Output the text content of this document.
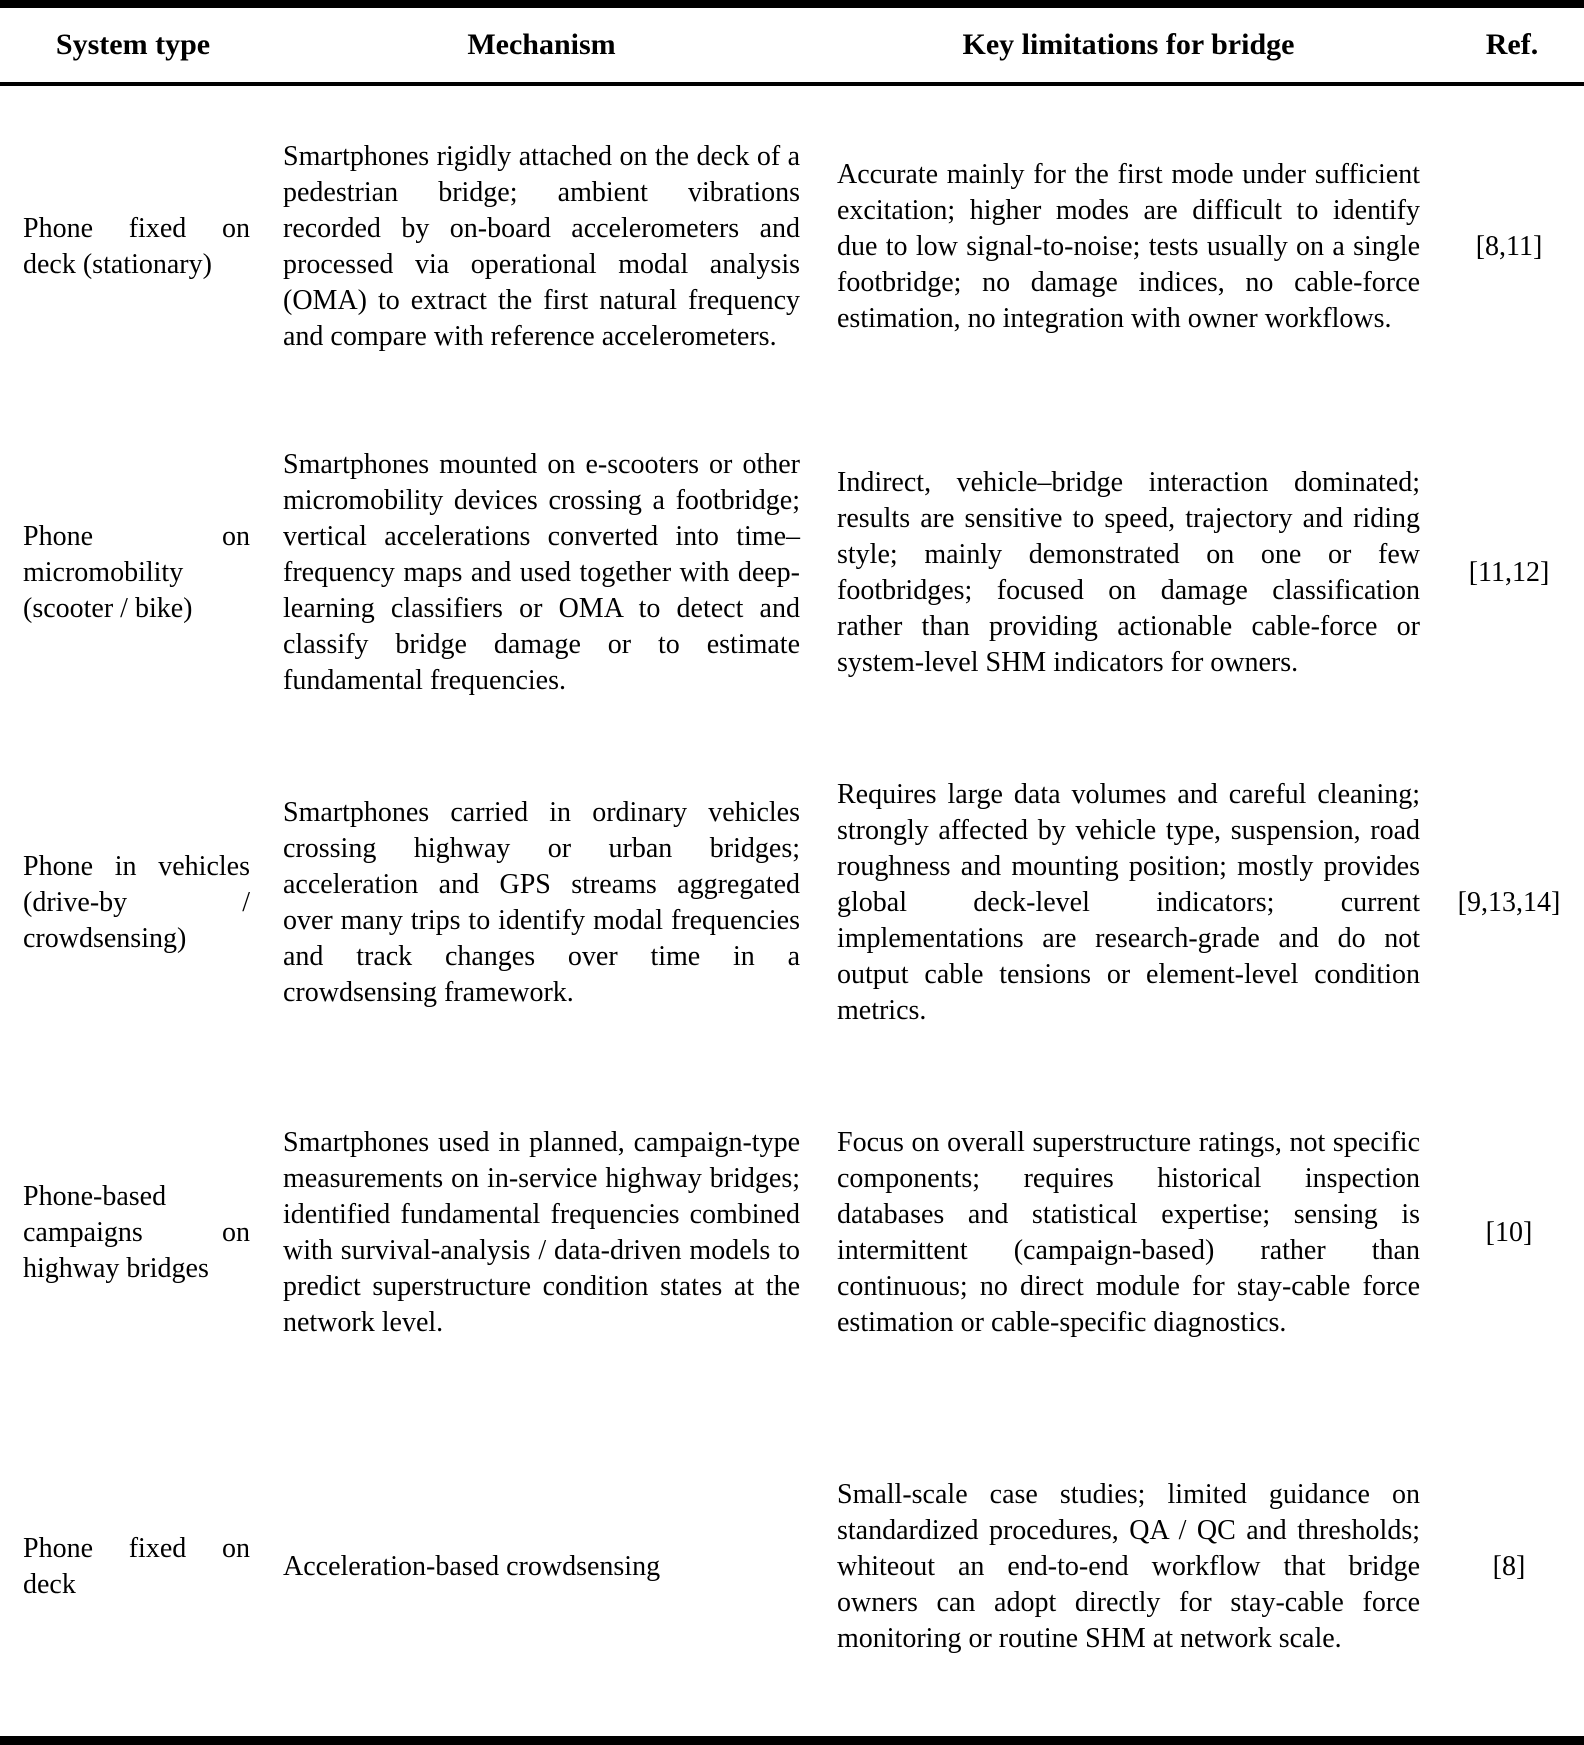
System type	Mechanism	Key limitations for bridge	Ref.
Phone fixed on deck (stationary)	Smartphones rigidly attached on the deck of a pedestrian bridge; ambient vibrations recorded by on-board accelerometers and processed via operational modal analysis (OMA) to extract the first natural frequency and compare with reference accelerometers.	Accurate mainly for the first mode under sufficient excitation; higher modes are difficult to identify due to low signal-to-noise; tests usually on a single footbridge; no damage indices, no cable-force estimation, no integration with owner workflows.	[8,11]
Phone on micromobility (scooter / bike)	Smartphones mounted on e-scooters or other micromobility devices crossing a footbridge; vertical accelerations converted into time–frequency maps and used together with deep-learning classifiers or OMA to detect and classify bridge damage or to estimate fundamental frequencies.	Indirect, vehicle–bridge interaction dominated; results are sensitive to speed, trajectory and riding style; mainly demonstrated on one or few footbridges; focused on damage classification rather than providing actionable cable-force or system-level SHM indicators for owners.	[11,12]
Phone in vehicles (drive-by / crowdsensing)	Smartphones carried in ordinary vehicles crossing highway or urban bridges; acceleration and GPS streams aggregated over many trips to identify modal frequencies and track changes over time in a crowdsensing framework.	Requires large data volumes and careful cleaning; strongly affected by vehicle type, suspension, road roughness and mounting position; mostly provides global deck-level indicators; current implementations are research-grade and do not output cable tensions or element-level condition metrics.	[9,13,14]
Phone-based campaigns on highway bridges	Smartphones used in planned, campaign-type measurements on in-service highway bridges; identified fundamental frequencies combined with survival-analysis / data-driven models to predict superstructure condition states at the network level.	Focus on overall superstructure ratings, not specific components; requires historical inspection databases and statistical expertise; sensing is intermittent (campaign-based) rather than continuous; no direct module for stay-cable force estimation or cable-specific diagnostics.	[10]
Phone fixed on deck	Acceleration-based crowdsensing	Small-scale case studies; limited guidance on standardized procedures, QA / QC and thresholds; whiteout an end-to-end workflow that bridge owners can adopt directly for stay-cable force monitoring or routine SHM at network scale.	[8]
